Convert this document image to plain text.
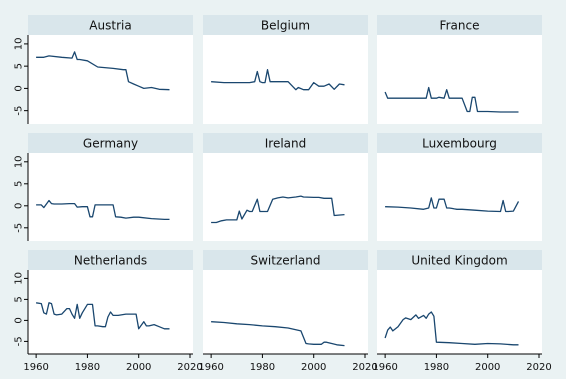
Austria
10
5
0
-5
Belgium	France
Germany
10
5
0
-5
Ireland	Luxembourg
Netherlands
10
5
0
-5
1960	1980	2000	2020
Switzerland
1960	1980	2000	2020
United Kingdom
1960	1980	2000	2020
